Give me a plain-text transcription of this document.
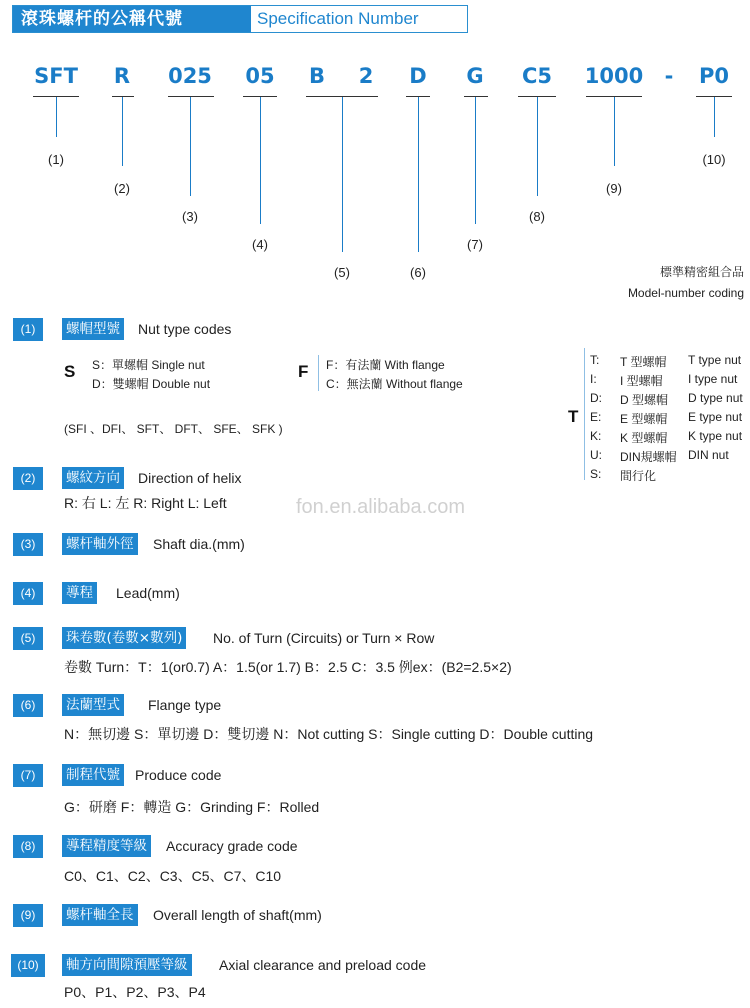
滾珠螺杆的公稱代號	Specification Number
SFT R 025 05 B 2 D G C5 1000 - P0
(1)
(2)
(3)
(4)
(5)	(6)
(7)
(8)
(9)
(10)
標準精密組合品
Model-number coding
(1)	螺帽型號 Nut type codes
S S：單螺帽 Single nut
D：雙螺帽 Double nut
F F：有法蘭 With flange
C：無法蘭 Without flange
(SFI 、DFI、 SFT、 DFT、 SFE、 SFK )
T
T: T 型螺帽 T type nut
I: I 型螺帽 I type nut
D: D 型螺帽 D type nut
E: E 型螺帽 E type nut
K: K 型螺帽 K type nut
U: DIN規螺帽 DIN nut
S: 間行化
(2)	螺紋方向 Direction of helix
R: 右 L: 左 R: Right L: Left	fon.en.alibaba.com
(3)	螺杆軸外徑 Shaft dia.(mm)
(4)	導程 Lead(mm)
(5)	珠卷數(卷數×數列) No. of Turn (Circuits) or Turn × Row
卷數 Turn：T：1(or0.7) A：1.5(or 1.7) B：2.5 C：3.5 例ex：(B2=2.5×2)
(6)	法蘭型式 Flange type
N：無切邊 S：單切邊 D：雙切邊 N：Not cutting S：Single cutting D：Double cutting
(7)	制程代號 Produce code
G：研磨 F：轉造 G：Grinding F：Rolled
(8)	導程精度等級 Accuracy grade code
C0、C1、C2、C3、C5、C7、C10
(9)	螺杆軸全長 Overall length of shaft(mm)
(10)	軸方向間隙預壓等級 Axial clearance and preload code
P0、P1、P2、P3、P4
